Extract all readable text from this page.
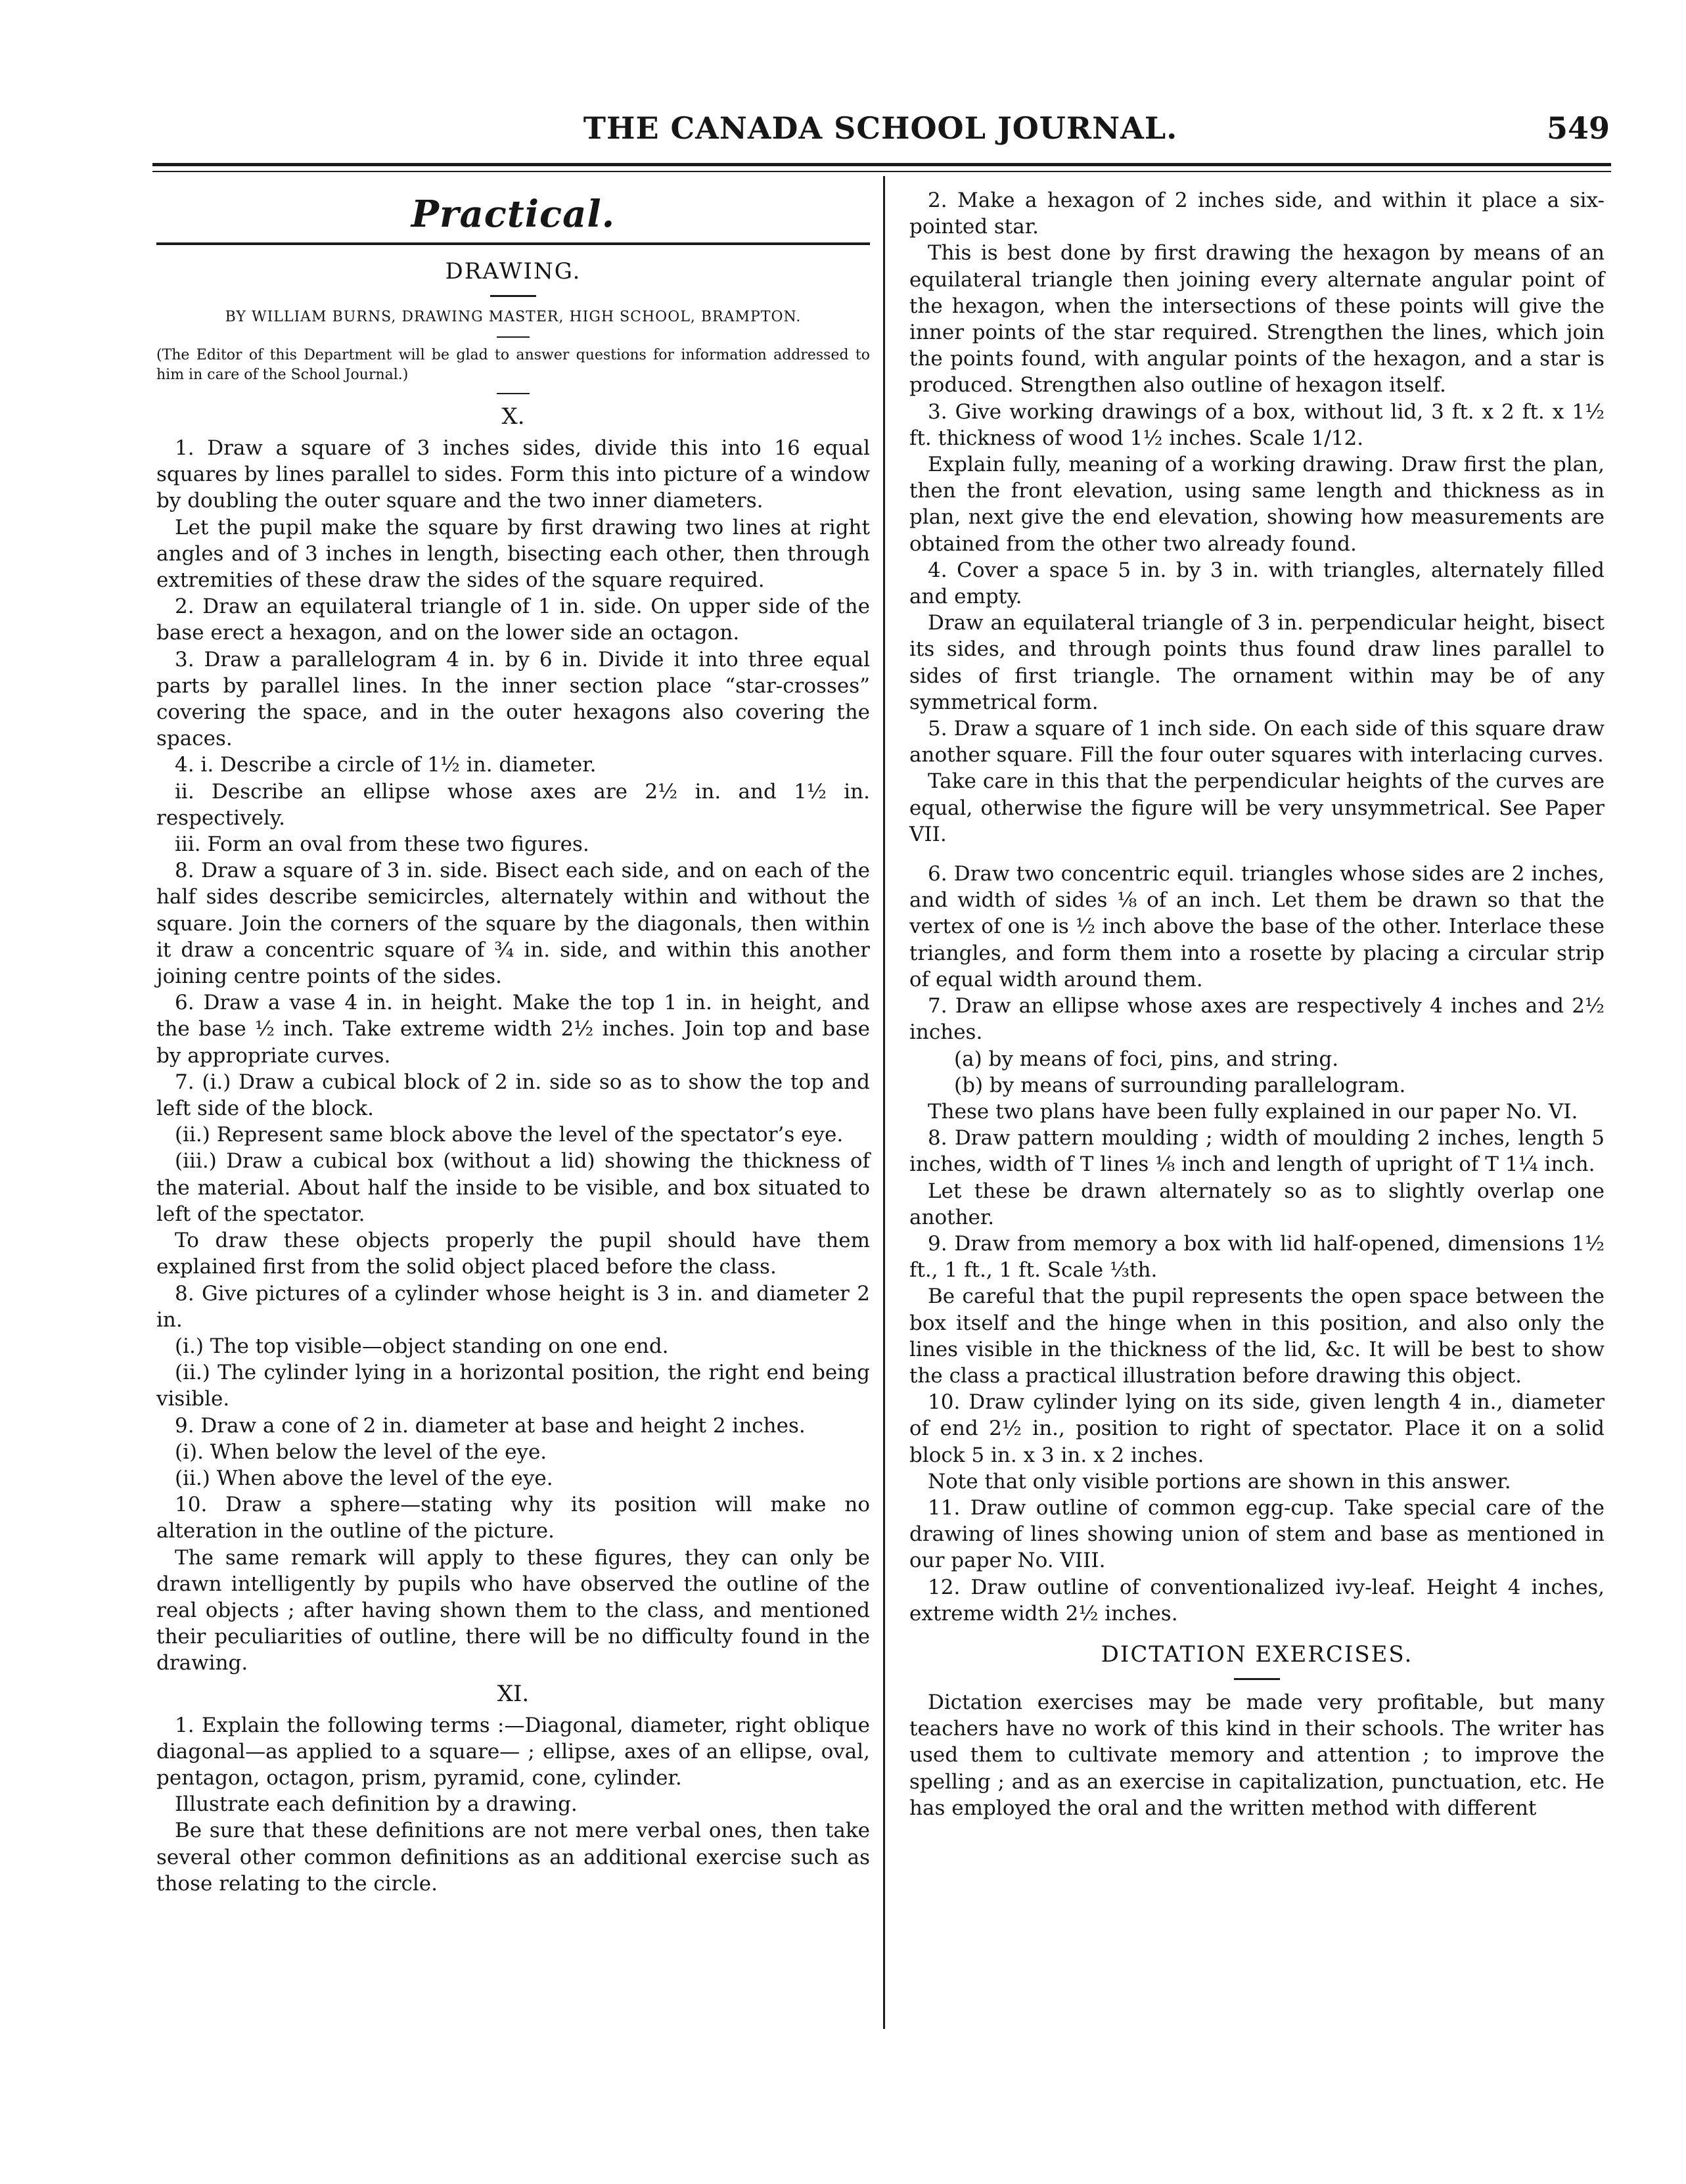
THE CANADA SCHOOL JOURNAL.	549
Practical.
DRAWING.
BY WILLIAM BURNS, DRAWING MASTER, HIGH SCHOOL, BRAMPTON.
(The Editor of this Department will be glad to answer questions for information addressed to him in care of the School Journal.)
X.

1. Draw a square of 3 inches sides, divide this into 16 equal squares by lines parallel to sides. Form this into picture of a window by doubling the outer square and the two inner diameters.

Let the pupil make the square by first drawing two lines at right angles and of 3 inches in length, bisecting each other, then through extremities of these draw the sides of the square required.

2. Draw an equilateral triangle of 1 in. side. On upper side of the base erect a hexagon, and on the lower side an octagon.

3. Draw a parallelogram 4 in. by 6 in. Divide it into three equal parts by parallel lines. In the inner section place “star-crosses” covering the space, and in the outer hexagons also covering the spaces.

4. i. Describe a circle of 1½ in. diameter.

ii. Describe an ellipse whose axes are 2½ in. and 1½ in. respectively.

iii. Form an oval from these two figures.

8. Draw a square of 3 in. side. Bisect each side, and on each of the half sides describe semicircles, alternately within and without the square. Join the corners of the square by the diagonals, then within it draw a concentric square of ¾ in. side, and within this another joining centre points of the sides.

6. Draw a vase 4 in. in height. Make the top 1 in. in height, and the base ½ inch. Take extreme width 2½ inches. Join top and base by appropriate curves.

7. (i.) Draw a cubical block of 2 in. side so as to show the top and left side of the block.

(ii.) Represent same block above the level of the spectator’s eye.

(iii.) Draw a cubical box (without a lid) showing the thickness of the material. About half the inside to be visible, and box situated to left of the spectator.

To draw these objects properly the pupil should have them explained first from the solid object placed before the class.

8. Give pictures of a cylinder whose height is 3 in. and diameter 2 in.

(i.) The top visible—object standing on one end.

(ii.) The cylinder lying in a horizontal position, the right end being visible.

9. Draw a cone of 2 in. diameter at base and height 2 inches.

(i). When below the level of the eye.

(ii.) When above the level of the eye.

10. Draw a sphere—stating why its position will make no alteration in the outline of the picture.

The same remark will apply to these figures, they can only be drawn intelligently by pupils who have observed the outline of the real objects ; after having shown them to the class, and mentioned their peculiarities of outline, there will be no difficulty found in the drawing.

XI.

1. Explain the following terms :—Diagonal, diameter, right oblique diagonal—as applied to a square— ; ellipse, axes of an ellipse, oval, pentagon, octagon, prism, pyramid, cone, cylinder.

Illustrate each definition by a drawing.

Be sure that these definitions are not mere verbal ones, then take several other common definitions as an additional exercise such as those relating to the circle.

2. Make a hexagon of 2 inches side, and within it place a six-pointed star.

This is best done by first drawing the hexagon by means of an equilateral triangle then joining every alternate angular point of the hexagon, when the intersections of these points will give the inner points of the star required. Strengthen the lines, which join the points found, with angular points of the hexagon, and a star is produced. Strengthen also outline of hexagon itself.

3. Give working drawings of a box, without lid, 3 ft. x 2 ft. x 1½ ft. thickness of wood 1½ inches. Scale 1/12.

Explain fully, meaning of a working drawing. Draw first the plan, then the front elevation, using same length and thickness as in plan, next give the end elevation, showing how measurements are obtained from the other two already found.

4. Cover a space 5 in. by 3 in. with triangles, alternately filled and empty.

Draw an equilateral triangle of 3 in. perpendicular height, bisect its sides, and through points thus found draw lines parallel to sides of first triangle. The ornament within may be of any symmetrical form.

5. Draw a square of 1 inch side. On each side of this square draw another square. Fill the four outer squares with interlacing curves.

Take care in this that the perpendicular heights of the curves are equal, otherwise the figure will be very unsymmetrical. See Paper VII.

6. Draw two concentric equil. triangles whose sides are 2 inches, and width of sides ⅛ of an inch. Let them be drawn so that the vertex of one is ½ inch above the base of the other. Interlace these triangles, and form them into a rosette by placing a circular strip of equal width around them.

7. Draw an ellipse whose axes are respectively 4 inches and 2½ inches.

(a) by means of foci, pins, and string.

(b) by means of surrounding parallelogram.

These two plans have been fully explained in our paper No. VI.

8. Draw pattern moulding ; width of moulding 2 inches, length 5 inches, width of T lines ⅛ inch and length of upright of T 1¼ inch.

Let these be drawn alternately so as to slightly overlap one another.

9. Draw from memory a box with lid half-opened, dimensions 1½ ft., 1 ft., 1 ft. Scale ⅓th.

Be careful that the pupil represents the open space between the box itself and the hinge when in this position, and also only the lines visible in the thickness of the lid, &c. It will be best to show the class a practical illustration before drawing this object.

10. Draw cylinder lying on its side, given length 4 in., diameter of end 2½ in., position to right of spectator. Place it on a solid block 5 in. x 3 in. x 2 inches.

Note that only visible portions are shown in this answer.

11. Draw outline of common egg-cup. Take special care of the drawing of lines showing union of stem and base as mentioned in our paper No. VIII.

12. Draw outline of conventionalized ivy-leaf. Height 4 inches, extreme width 2½ inches.

DICTATION EXERCISES.

Dictation exercises may be made very profitable, but many teachers have no work of this kind in their schools. The writer has used them to cultivate memory and attention ; to improve the spelling ; and as an exercise in capitalization, punctuation, etc. He has employed the oral and the written method with different
